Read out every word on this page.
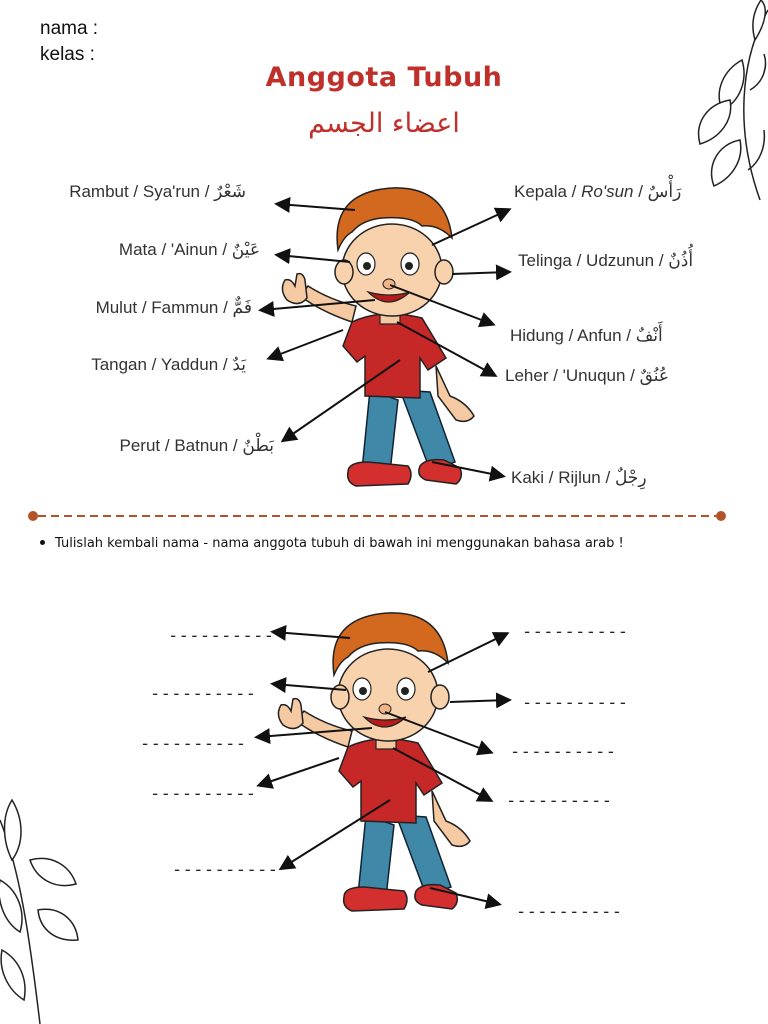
nama :
kelas :
Anggota Tubuh
اعضاء الجسم
Rambut / Sya'run / شَعْرٌ
Mata / 'Ainun / عَيْنٌ
Mulut / Fammun / فَمٌّ
Tangan / Yaddun / يَدٌ
Perut / Batnun / بَطْنٌ
Kepala / Ro'sun / رَأْسٌ
Telinga / Udzunun / أُذُنٌ
Hidung / Anfun / أَنْفٌ
Leher / 'Unuqun / عُنُقٌ
Kaki / Rijlun / رِجْلٌ
Tulislah kembali nama - nama anggota tubuh di bawah ini menggunakan bahasa arab !
----------
----------
----------
----------
----------
----------
----------
----------
----------
----------
